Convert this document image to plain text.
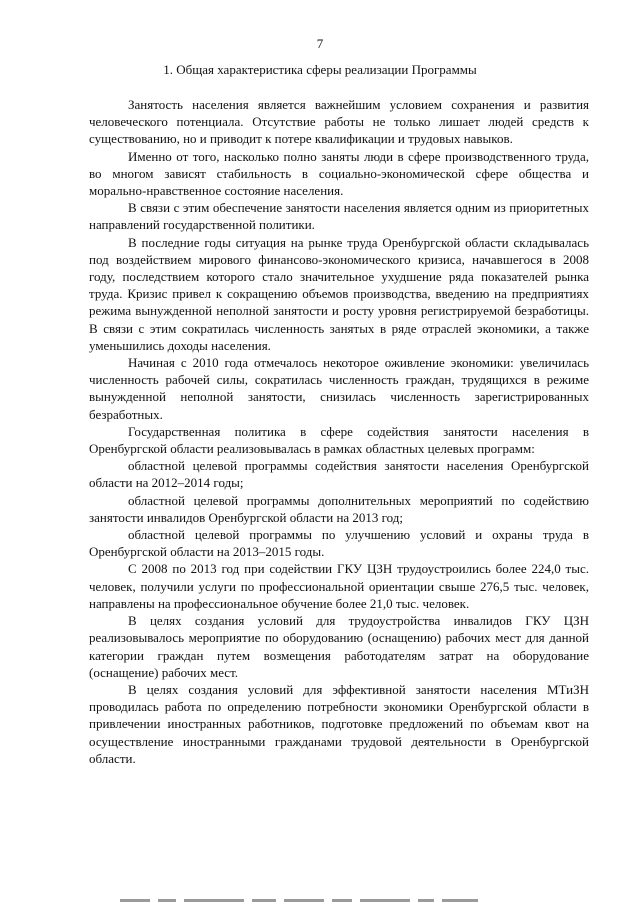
7
1. Общая характеристика сферы реализации Программы

Занятость населения является важнейшим условием сохранения и развития человеческого потенциала. Отсутствие работы не только лишает людей средств к существованию, но и приводит к потере квалификации и трудовых навыков.

Именно от того, насколько полно заняты люди в сфере производственного труда, во многом зависят стабильность в социально-экономической сфере общества и морально-нравственное состояние населения.

В связи с этим обеспечение занятости населения является одним из приоритетных направлений государственной политики.

В последние годы ситуация на рынке труда Оренбургской области складывалась под воздействием мирового финансово-экономического кризиса, начавшегося в 2008 году, последствием которого стало значительное ухудшение ряда показателей рынка труда. Кризис привел к сокращению объемов производства, введению на предприятиях режима вынужденной неполной занятости и росту уровня регистрируемой безработицы. В связи с этим сократилась численность занятых в ряде отраслей экономики, а также уменьшились доходы населения.

Начиная с 2010 года отмечалось некоторое оживление экономики: увеличилась численность рабочей силы, сократилась численность граждан, трудящихся в режиме вынужденной неполной занятости, снизилась численность зарегистрированных безработных.

Государственная политика в сфере содействия занятости населения в Оренбургской области реализовывалась в рамках областных целевых программ:

областной целевой программы содействия занятости населения Оренбургской области на 2012–2014 годы;

областной целевой программы дополнительных мероприятий по содействию занятости инвалидов Оренбургской области на 2013 год;

областной целевой программы по улучшению условий и охраны труда в Оренбургской области на 2013–2015 годы.

С 2008 по 2013 год при содействии ГКУ ЦЗН трудоустроились более 224,0 тыс. человек, получили услуги по профессиональной ориентации свыше 276,5 тыс. человек, направлены на профессиональное обучение более 21,0 тыс. человек.

В целях создания условий для трудоустройства инвалидов ГКУ ЦЗН реализовывалось мероприятие по оборудованию (оснащению) рабочих мест для данной категории граждан путем возмещения работодателям затрат на оборудование (оснащение) рабочих мест.

В целях создания условий для эффективной занятости населения МТиЗН проводилась работа по определению потребности экономики Оренбургской области в привлечении иностранных работников, подготовке предложений по объемам квот на осуществление иностранными гражданами трудовой деятельности в Оренбургской области.
